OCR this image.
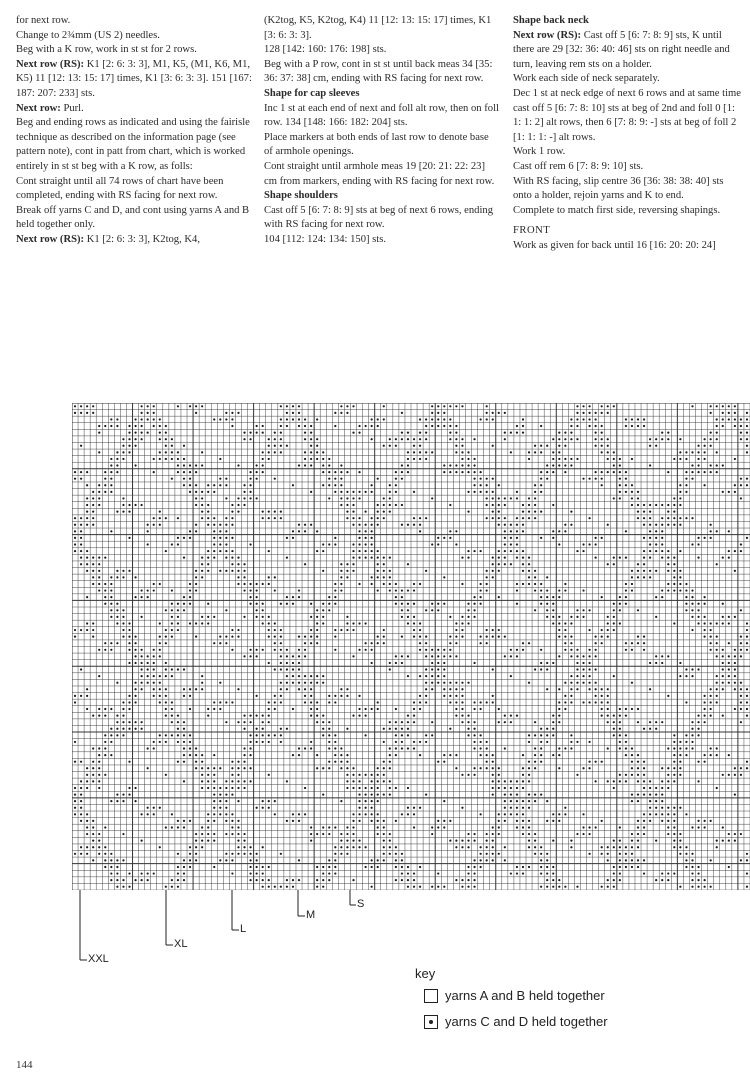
for next row.

Change to 2¾mm (US 2) needles.

Beg with a K row, work in st st for 2 rows.

Next row (RS): K1 [2: 6: 3: 3], M1, K5, (M1, K6, M1, K5) 11 [12: 13: 15: 17] times, K1 [3: 6: 3: 3]. 151 [167: 187: 207: 233] sts.

Next row: Purl.

Beg and ending rows as indicated and using the fairisle technique as described on the information page (see pattern note), cont in patt from chart, which is worked entirely in st st beg with a K row, as folls:

Cont straight until all 74 rows of chart have been completed, ending with RS facing for next row.

Break off yarns C and D, and cont using yarns A and B held together only.

Next row (RS): K1 [2: 6: 3: 3], K2tog, K4,

(K2tog, K5, K2tog, K4) 11 [12: 13: 15: 17] times, K1 [3: 6: 3: 3].

128 [142: 160: 176: 198] sts.

Beg with a P row, cont in st st until back meas 34 [35: 36: 37: 38] cm, ending with RS facing for next row.

Shape for cap sleeves

Inc 1 st at each end of next and foll alt row, then on foll row. 134 [148: 166: 182: 204] sts.

Place markers at both ends of last row to denote base of armhole openings.

Cont straight until armhole meas 19 [20: 21: 22: 23] cm from markers, ending with RS facing for next row.

Shape shoulders

Cast off 5 [6: 7: 8: 9] sts at beg of next 6 rows, ending with RS facing for next row.

104 [112: 124: 134: 150] sts.

Shape back neck

Next row (RS): Cast off 5 [6: 7: 8: 9] sts, K until there are 29 [32: 36: 40: 46] sts on right needle and turn, leaving rem sts on a holder.

Work each side of neck separately.

Dec 1 st at neck edge of next 6 rows and at same time cast off 5 [6: 7: 8: 10] sts at beg of 2nd and foll 0 [1: 1: 1: 2] alt rows, then 6 [7: 8: 9: -] sts at beg of foll 2 [1: 1: 1: -] alt rows.

Work 1 row.

Cast off rem 6 [7: 8: 9: 10] sts.

With RS facing, slip centre 36 [36: 38: 38: 40] sts onto a holder, rejoin yarns and K to end.

Complete to match first side, reversing shapings.

FRONT

Work as given for back until 16 [16: 20: 20: 24]

S
M
L
XL
XXL
key
yarns A and B held together
yarns C and D held together
144
